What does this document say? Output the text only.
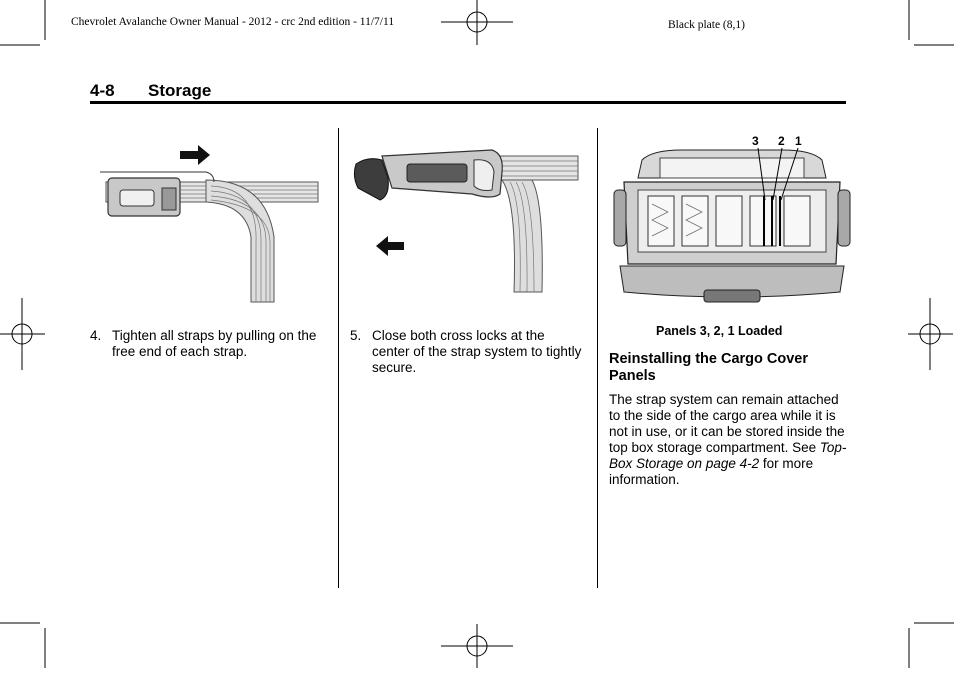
Chevrolet Avalanche Owner Manual - 2012 - crc 2nd edition - 11/7/11	Black plate (8,1)
4-8 Storage
4. Tighten all straps by pulling on the free end of each strap.
5. Close both cross locks at the center of the strap system to tightly secure.
3 2 1
Panels 3, 2, 1 Loaded
Reinstalling the Cargo Cover Panels
The strap system can remain attached to the side of the cargo area while it is not in use, or it can be stored inside the top box storage compartment. See Top-Box Storage on page 4-2 for more information.
